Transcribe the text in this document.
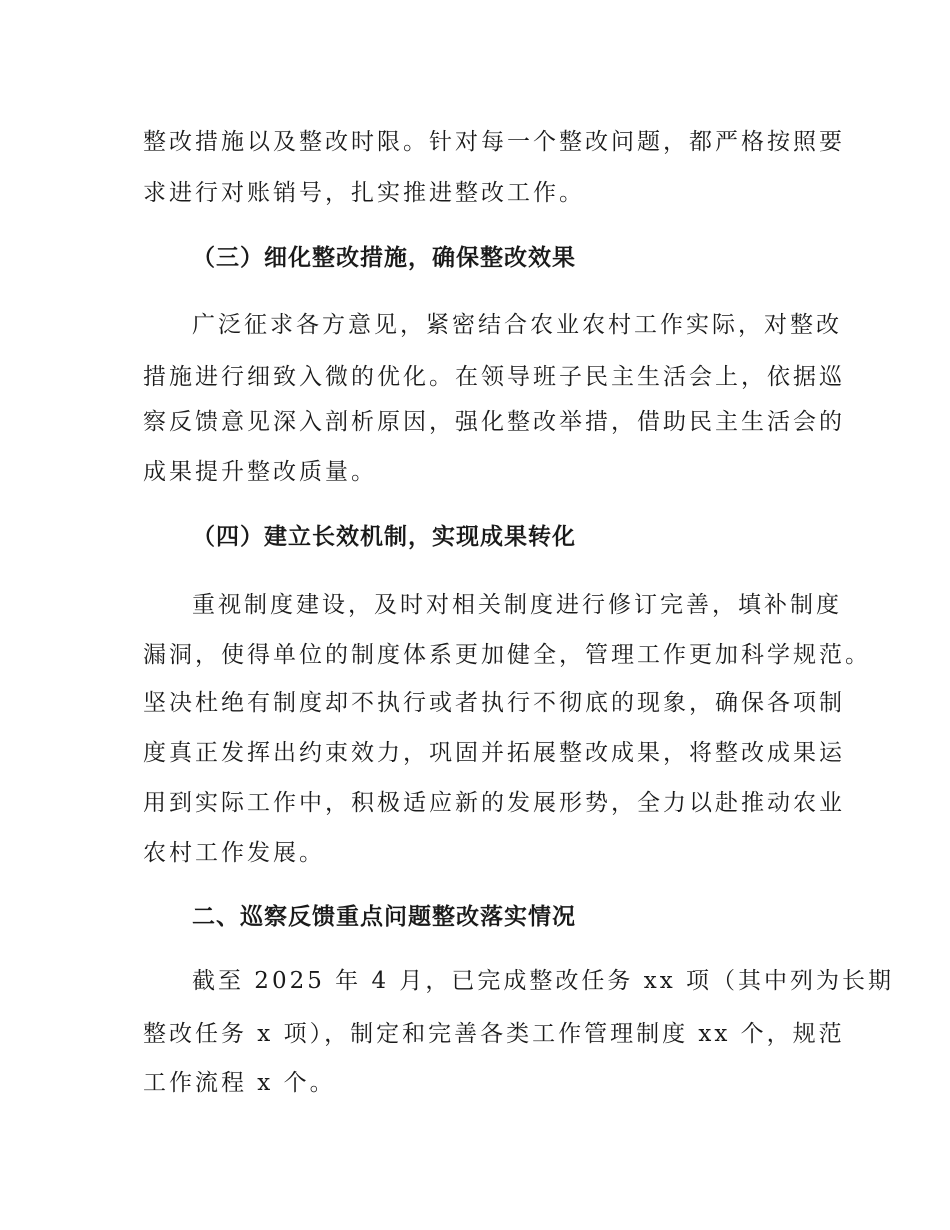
整改措施以及整改时限。针对每一个整改问题，都严格按照要
求进行对账销号，扎实推进整改工作。
（三）细化整改措施，确保整改效果
广泛征求各方意见，紧密结合农业农村工作实际，对整改
措施进行细致入微的优化。在领导班子民主生活会上，依据巡
察反馈意见深入剖析原因，强化整改举措，借助民主生活会的
成果提升整改质量。
（四）建立长效机制，实现成果转化
重视制度建设，及时对相关制度进行修订完善，填补制度
漏洞，使得单位的制度体系更加健全，管理工作更加科学规范。
坚决杜绝有制度却不执行或者执行不彻底的现象，确保各项制
度真正发挥出约束效力，巩固并拓展整改成果，将整改成果运
用到实际工作中，积极适应新的发展形势，全力以赴推动农业
农村工作发展。
二、巡察反馈重点问题整改落实情况
截至 2025 年 4 月，已完成整改任务 xx 项（其中列为长期
整改任务 x 项），制定和完善各类工作管理制度 xx 个，规范
工作流程 x 个。
